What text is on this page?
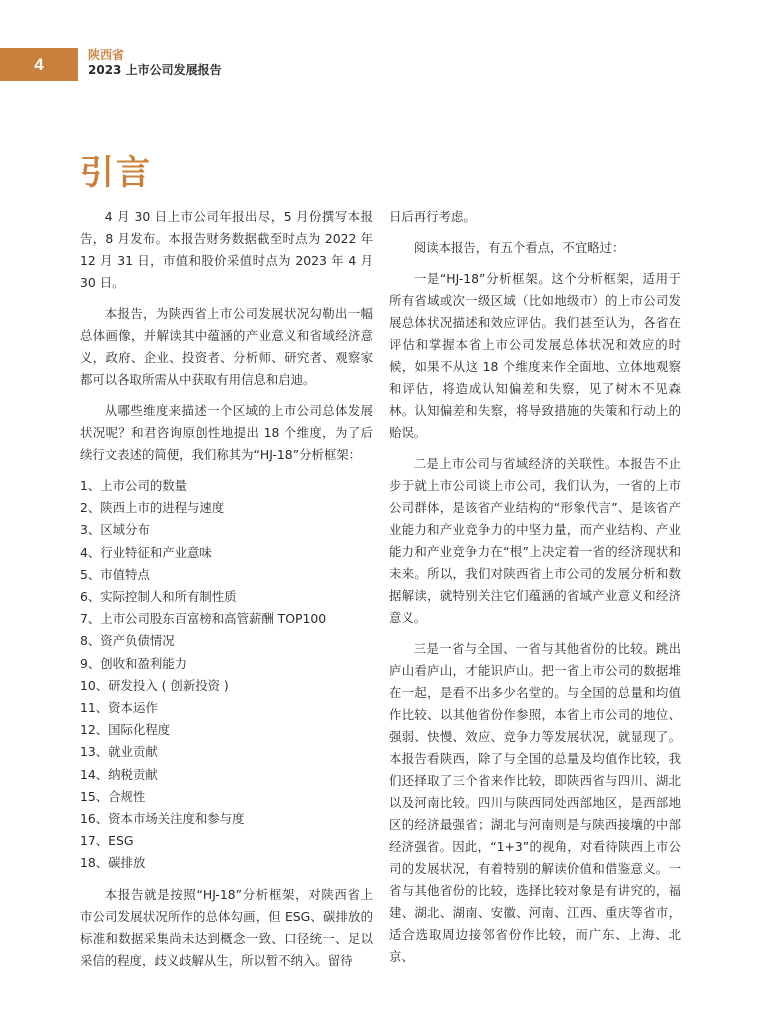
4	陕西省
2023 上市公司发展报告
引言

4 月 30 日上市公司年报出尽，5 月份撰写本报告，8 月发布。本报告财务数据截至时点为 2022 年 12 月 31 日，市值和股价采值时点为 2023 年 4 月 30 日。

本报告，为陕西省上市公司发展状况勾勒出一幅总体画像，并解读其中蕴涵的产业意义和省域经济意义，政府、企业、投资者、分析师、研究者、观察家都可以各取所需从中获取有用信息和启迪。

从哪些维度来描述一个区域的上市公司总体发展状况呢？和君咨询原创性地提出 18 个维度，为了后续行文表述的简便，我们称其为“HJ-18”分析框架：

1、上市公司的数量
2、陕西上市的进程与速度
3、区域分布
4、行业特征和产业意味
5、市值特点
6、实际控制人和所有制性质
7、上市公司股东百富榜和高管薪酬 TOP100
8、资产负债情况
9、创收和盈利能力
10、研发投入 ( 创新投资 )
11、资本运作
12、国际化程度
13、就业贡献
14、纳税贡献
15、合规性
16、资本市场关注度和参与度
17、ESG
18、碳排放

本报告就是按照“HJ-18”分析框架，对陕西省上市公司发展状况所作的总体勾画，但 ESG、碳排放的标准和数据采集尚未达到概念一致、口径统一、足以采信的程度，歧义歧解从生，所以暂不纳入。留待

日后再行考虑。

阅读本报告，有五个看点，不宜略过：

一是“HJ-18”分析框架。这个分析框架，适用于所有省域或次一级区域（比如地级市）的上市公司发展总体状况描述和效应评估。我们甚至认为，各省在评估和掌握本省上市公司发展总体状况和效应的时候，如果不从这 18 个维度来作全面地、立体地观察和评估，将造成认知偏差和失察，见了树木不见森林。认知偏差和失察，将导致措施的失策和行动上的贻误。

二是上市公司与省域经济的关联性。本报告不止步于就上市公司谈上市公司，我们认为，一省的上市公司群体，是该省产业结构的“形象代言”、是该省产业能力和产业竞争力的中坚力量，而产业结构、产业能力和产业竞争力在“根”上决定着一省的经济现状和未来。所以，我们对陕西省上市公司的发展分析和数据解读，就特别关注它们蕴涵的省域产业意义和经济意义。

三是一省与全国、一省与其他省份的比较。跳出庐山看庐山，才能识庐山。把一省上市公司的数据堆在一起，是看不出多少名堂的。与全国的总量和均值作比较、以其他省份作参照，本省上市公司的地位、强弱、快慢、效应、竞争力等发展状况，就显现了。本报告看陕西，除了与全国的总量及均值作比较，我们还择取了三个省来作比较，即陕西省与四川、湖北以及河南比较。四川与陕西同处西部地区，是西部地区的经济最强省；湖北与河南则是与陕西接壤的中部经济强省。因此，“1+3”的视角，对看待陕西上市公司的发展状况，有着特别的解读价值和借鉴意义。一省与其他省份的比较，选择比较对象是有讲究的，福建、湖北、湖南、安徽、河南、江西、重庆等省市，适合选取周边接邻省份作比较，而广东、上海、北京、
